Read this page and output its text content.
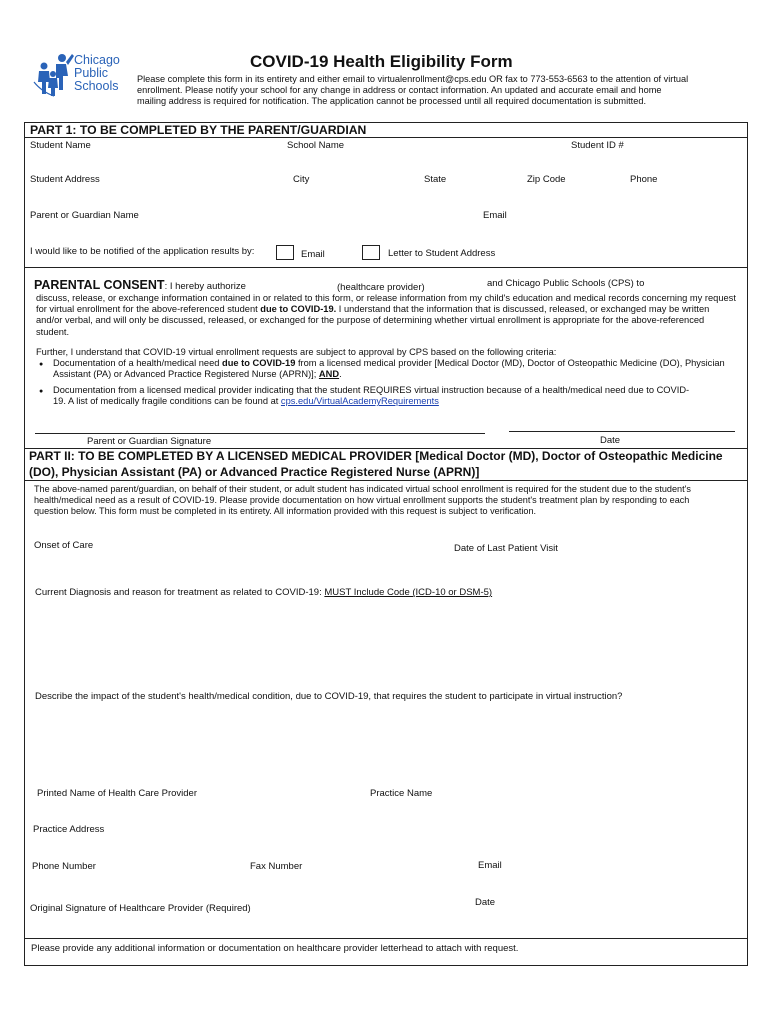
Chicago
Public
Schools
COVID-19 Health Eligibility Form
Please complete this form in its entirety and either email to virtualenrollment@cps.edu OR fax to 773-553-6563 to the attention of virtual enrollment. Please notify your school for any change in address or contact information. An updated and accurate email and home mailing address is required for notification. The application cannot be processed until all required documentation is submitted.
PART 1: TO BE COMPLETED BY THE PARENT/GUARDIAN
Student Name	School Name	Student ID #
Student Address	City	State	Zip Code	Phone
Parent or Guardian Name	Email
I would like to be notified of the application results by:	Email	Letter to Student Address
PARENTAL CONSENT: I hereby authorize	(healthcare provider)	and Chicago Public Schools (CPS) to
discuss, release, or exchange information contained in or related to this form, or release information from my child's education and medical records concerning my request for virtual enrollment for the above-referenced student due to COVID-19. I understand that the information that is discussed, released, or exchanged may be written and/or verbal, and will only be discussed, released, or exchanged for the purpose of determining whether virtual enrollment is appropriate for the above-referenced student.
Further, I understand that COVID-19 virtual enrollment requests are subject to approval by CPS based on the following criteria:
● Documentation of a health/medical need due to COVID-19 from a licensed medical provider [Medical Doctor (MD), Doctor of Osteopathic Medicine (DO), Physician Assistant (PA) or Advanced Practice Registered Nurse (APRN)]; AND.
● Documentation from a licensed medical provider indicating that the student REQUIRES virtual instruction because of a health/medical need due to COVID-19. A list of medically fragile conditions can be found at cps.edu/VirtualAcademyRequirements
Parent or Guardian Signature	Date
PART II: TO BE COMPLETED BY A LICENSED MEDICAL PROVIDER [Medical Doctor (MD), Doctor of Osteopathic Medicine (DO), Physician Assistant (PA) or Advanced Practice Registered Nurse (APRN)]
The above-named parent/guardian, on behalf of their student, or adult student has indicated virtual school enrollment is required for the student due to the student's health/medical need as a result of COVID-19. Please provide documentation on how virtual enrollment supports the student's treatment plan by responding to each question below. This form must be completed in its entirety. All information provided with this request is subject to verification.
Onset of Care	Date of Last Patient Visit
Current Diagnosis and reason for treatment as related to COVID-19: MUST Include Code (ICD-10 or DSM-5)
Describe the impact of the student's health/medical condition, due to COVID-19, that requires the student to participate in virtual instruction?
Printed Name of Health Care Provider	Practice Name
Practice Address
Phone Number	Fax Number	Email
Original Signature of Healthcare Provider (Required)
Date
Please provide any additional information or documentation on healthcare provider letterhead to attach with request.
